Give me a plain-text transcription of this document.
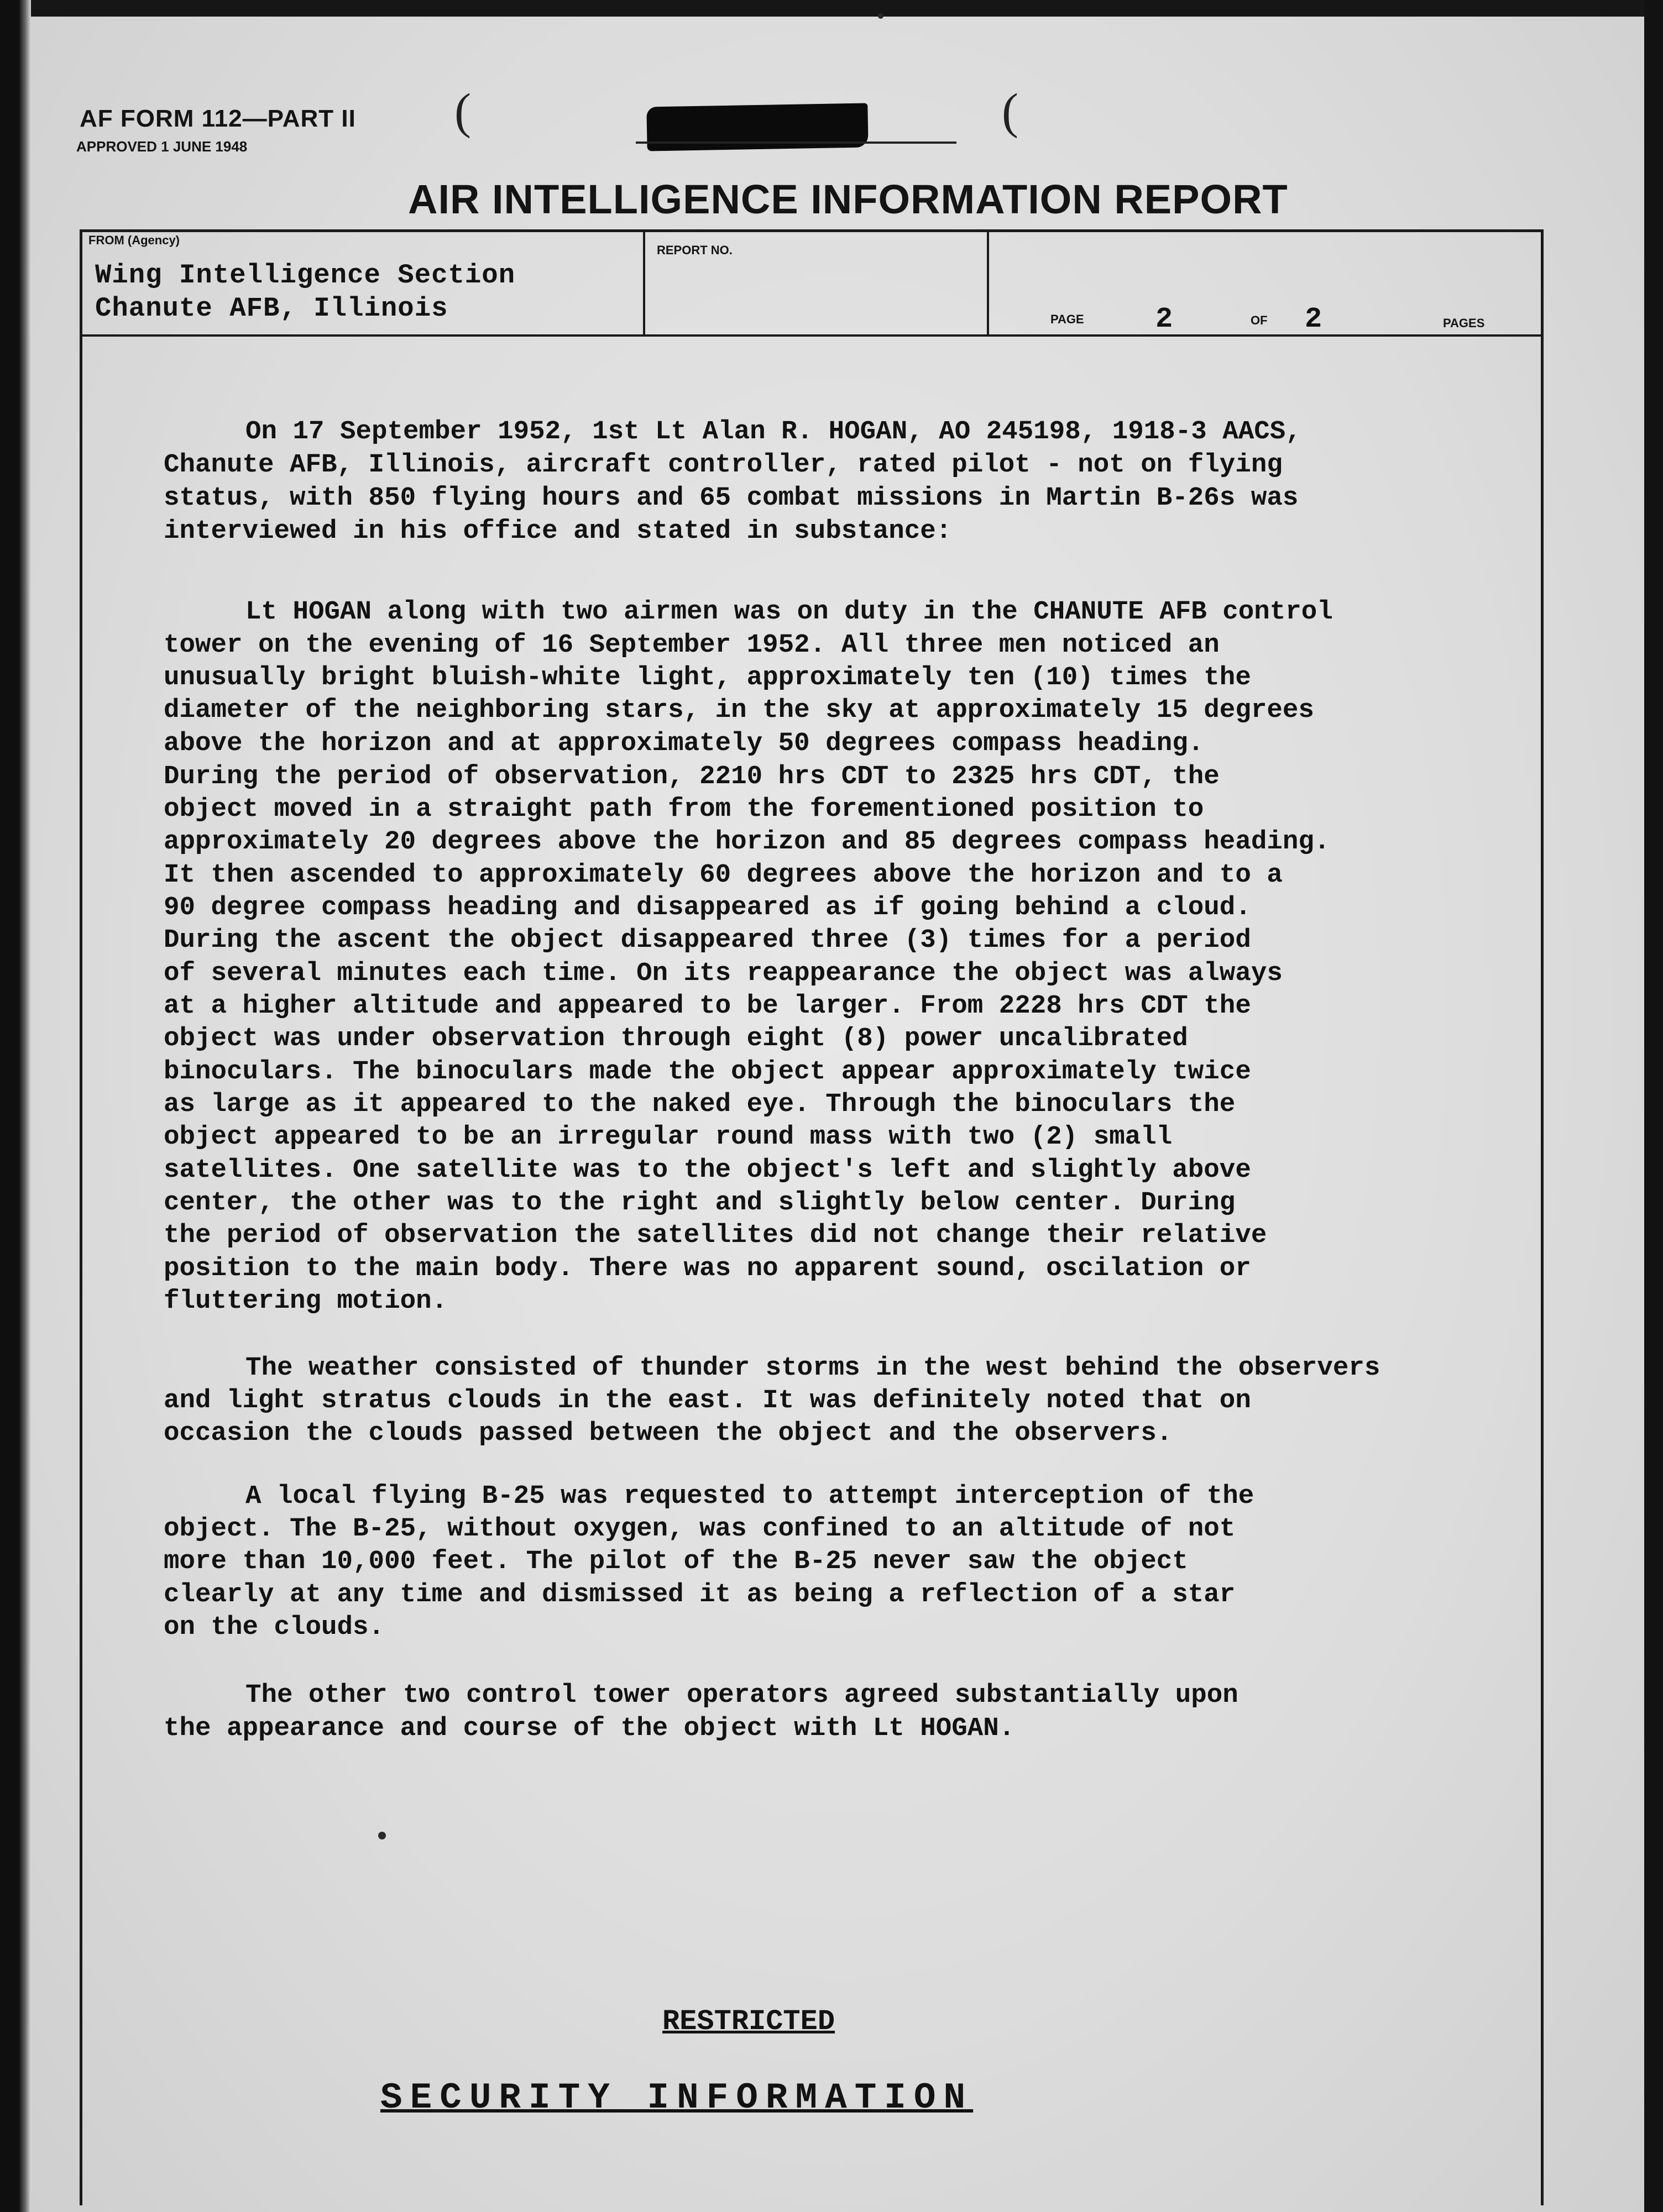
AF FORM 112—PART II
APPROVED 1 JUNE 1948
(	(
AIR INTELLIGENCE INFORMATION REPORT
FROM (Agency)
Wing Intelligence Section
Chanute AFB, Illinois
REPORT NO.
PAGE 2	OF 2	PAGES
On 17 September 1952, 1st Lt Alan R. HOGAN, AO 245198, 1918-3 AACS,
Chanute AFB, Illinois, aircraft controller, rated pilot - not on flying
status, with 850 flying hours and 65 combat missions in Martin B-26s was
interviewed in his office and stated in substance:
Lt HOGAN along with two airmen was on duty in the CHANUTE AFB control
tower on the evening of 16 September 1952. All three men noticed an
unusually bright bluish-white light, approximately ten (10) times the
diameter of the neighboring stars, in the sky at approximately 15 degrees
above the horizon and at approximately 50 degrees compass heading.
During the period of observation, 2210 hrs CDT to 2325 hrs CDT, the
object moved in a straight path from the forementioned position to
approximately 20 degrees above the horizon and 85 degrees compass heading.
It then ascended to approximately 60 degrees above the horizon and to a
90 degree compass heading and disappeared as if going behind a cloud.
During the ascent the object disappeared three (3) times for a period
of several minutes each time. On its reappearance the object was always
at a higher altitude and appeared to be larger. From 2228 hrs CDT the
object was under observation through eight (8) power uncalibrated
binoculars. The binoculars made the object appear approximately twice
as large as it appeared to the naked eye. Through the binoculars the
object appeared to be an irregular round mass with two (2) small
satellites. One satellite was to the object's left and slightly above
center, the other was to the right and slightly below center. During
the period of observation the satellites did not change their relative
position to the main body. There was no apparent sound, oscilation or
fluttering motion.
The weather consisted of thunder storms in the west behind the observers
and light stratus clouds in the east. It was definitely noted that on
occasion the clouds passed between the object and the observers.
A local flying B-25 was requested to attempt interception of the
object. The B-25, without oxygen, was confined to an altitude of not
more than 10,000 feet. The pilot of the B-25 never saw the object
clearly at any time and dismissed it as being a reflection of a star
on the clouds.
The other two control tower operators agreed substantially upon
the appearance and course of the object with Lt HOGAN.
RESTRICTED
SECURITY INFORMATION
